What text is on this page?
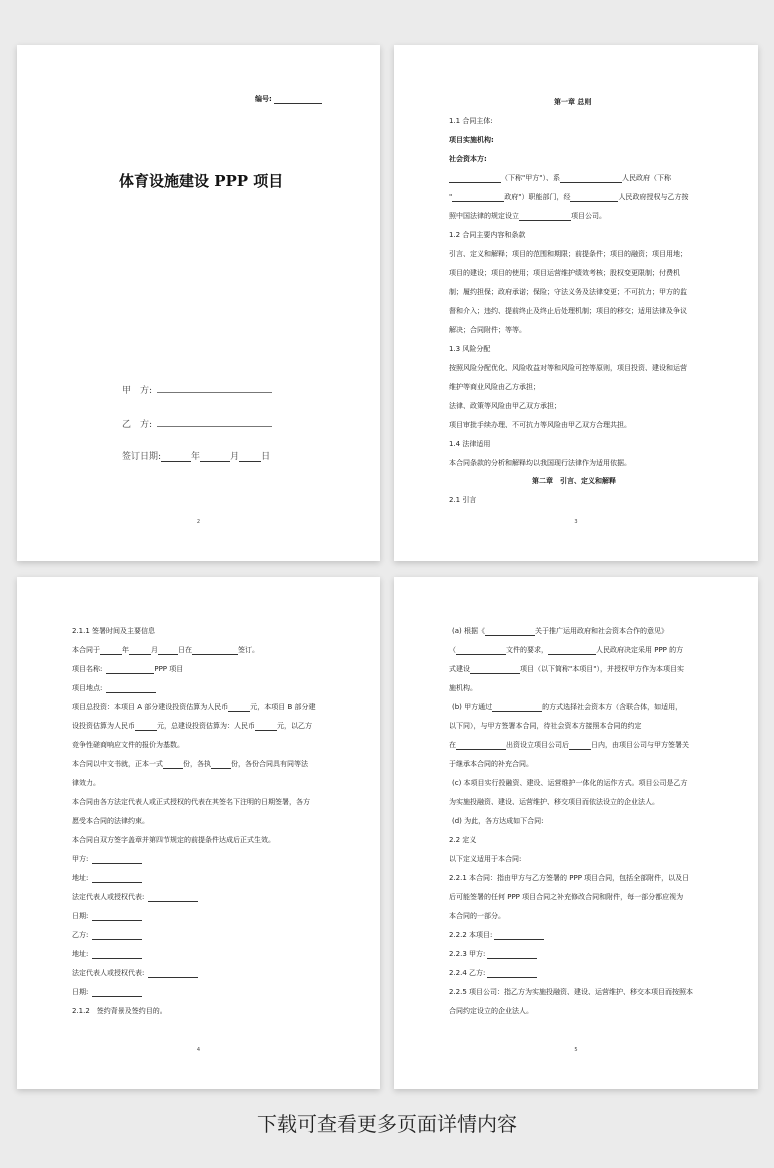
编号:
体育设施建设 PPP 项目
甲　方:
乙　方:
签订日期:	年	月 日
2
第一章 总则
1.1 合同主体:
项目实施机构:
社会资本方:
（下称"甲方"）、系	人民政府（下称
"	政府"）职能部门，经	人民政府授权与乙方按
照中国法律的规定设立	项目公司。
1.2 合同主要内容和条款
引言、定义和解释；项目的范围和期限；前提条件；项目的融资；项目用地；
项目的建设；项目的使用；项目运营维护绩效考核；股权变更限制；付费机
制；履约担保；政府承诺；保险；守法义务及法律变更；不可抗力；甲方的监
督和介入；违约、提前终止及终止后处理机制；项目的移交；适用法律及争议
解决；合同附件；等等。
1.3 风险分配
按照风险分配优化、风险收益对等和风险可控等原则，项目投资、建设和运营
维护等商业风险由乙方承担；
法律、政策等风险由甲乙双方承担；
项目审批手续办理、不可抗力等风险由甲乙双方合理共担。
1.4 法律适用
本合同条款的分析和解释均以我国现行法律作为适用依据。
第二章　引言、定义和解释
2.1 引言
3
2.1.1 签署时间及主要信息
本合同于	年	月	日在	签订。
项目名称:	PPP 项目
项目地点:
项目总投资：本项目 A 部分建设投资估算为人民币	元，本项目 B 部分建
设投资估算为人民币	元，总建设投资估算为：人民币	元，以乙方
竞争性磋商响应文件的报价为基数。
本合同以中文书就，正本一式	份，各执	份，各份合同具有同等法
律效力。
本合同由各方法定代表人或正式授权的代表在其签名下注明的日期签署，各方
愿受本合同的法律约束。
本合同自双方签字盖章并第四节规定的前提条件达成后正式生效。
甲方:
地址:
法定代表人或授权代表:
日期:
乙方:
地址:
法定代表人或授权代表:
日期:
2.1.2　签约背景及签约目的。
4
(a) 根据《	关于推广运用政府和社会资本合作的意见》
（	文件的要求，	人民政府决定采用 PPP 的方
式建设	项目（以下简称"本项目"），并授权甲方作为本项目实
施机构。
(b) 甲方通过	的方式选择社会资本方（含联合体，如适用，
以下同），与甲方签署本合同，待社会资本方接照本合同的约定
在	出资设立项目公司后	日内，由项目公司与甲方签署关
于继承本合同的补充合同。
(c) 本项目实行投融资、建设、运营维护一体化的运作方式。项目公司是乙方
为实施投融资、建设、运营维护、移交项目而依法设立的企业法人。
(d) 为此，各方达成如下合同:
2.2 定义
以下定义适用于本合同:
2.2.1 本合同：指由甲方与乙方签署的 PPP 项目合同，包括全部附件，以及日
后可能签署的任何 PPP 项目合同之补充修改合同和附件，每一部分都应视为
本合同的一部分。
2.2.2 本项目:
2.2.3 甲方:
2.2.4 乙方:
2.2.5 项目公司：指乙方为实施投融资、建设、运营维护、移交本项目而按照本
合同约定设立的企业法人。
5
下载可查看更多页面详情内容
